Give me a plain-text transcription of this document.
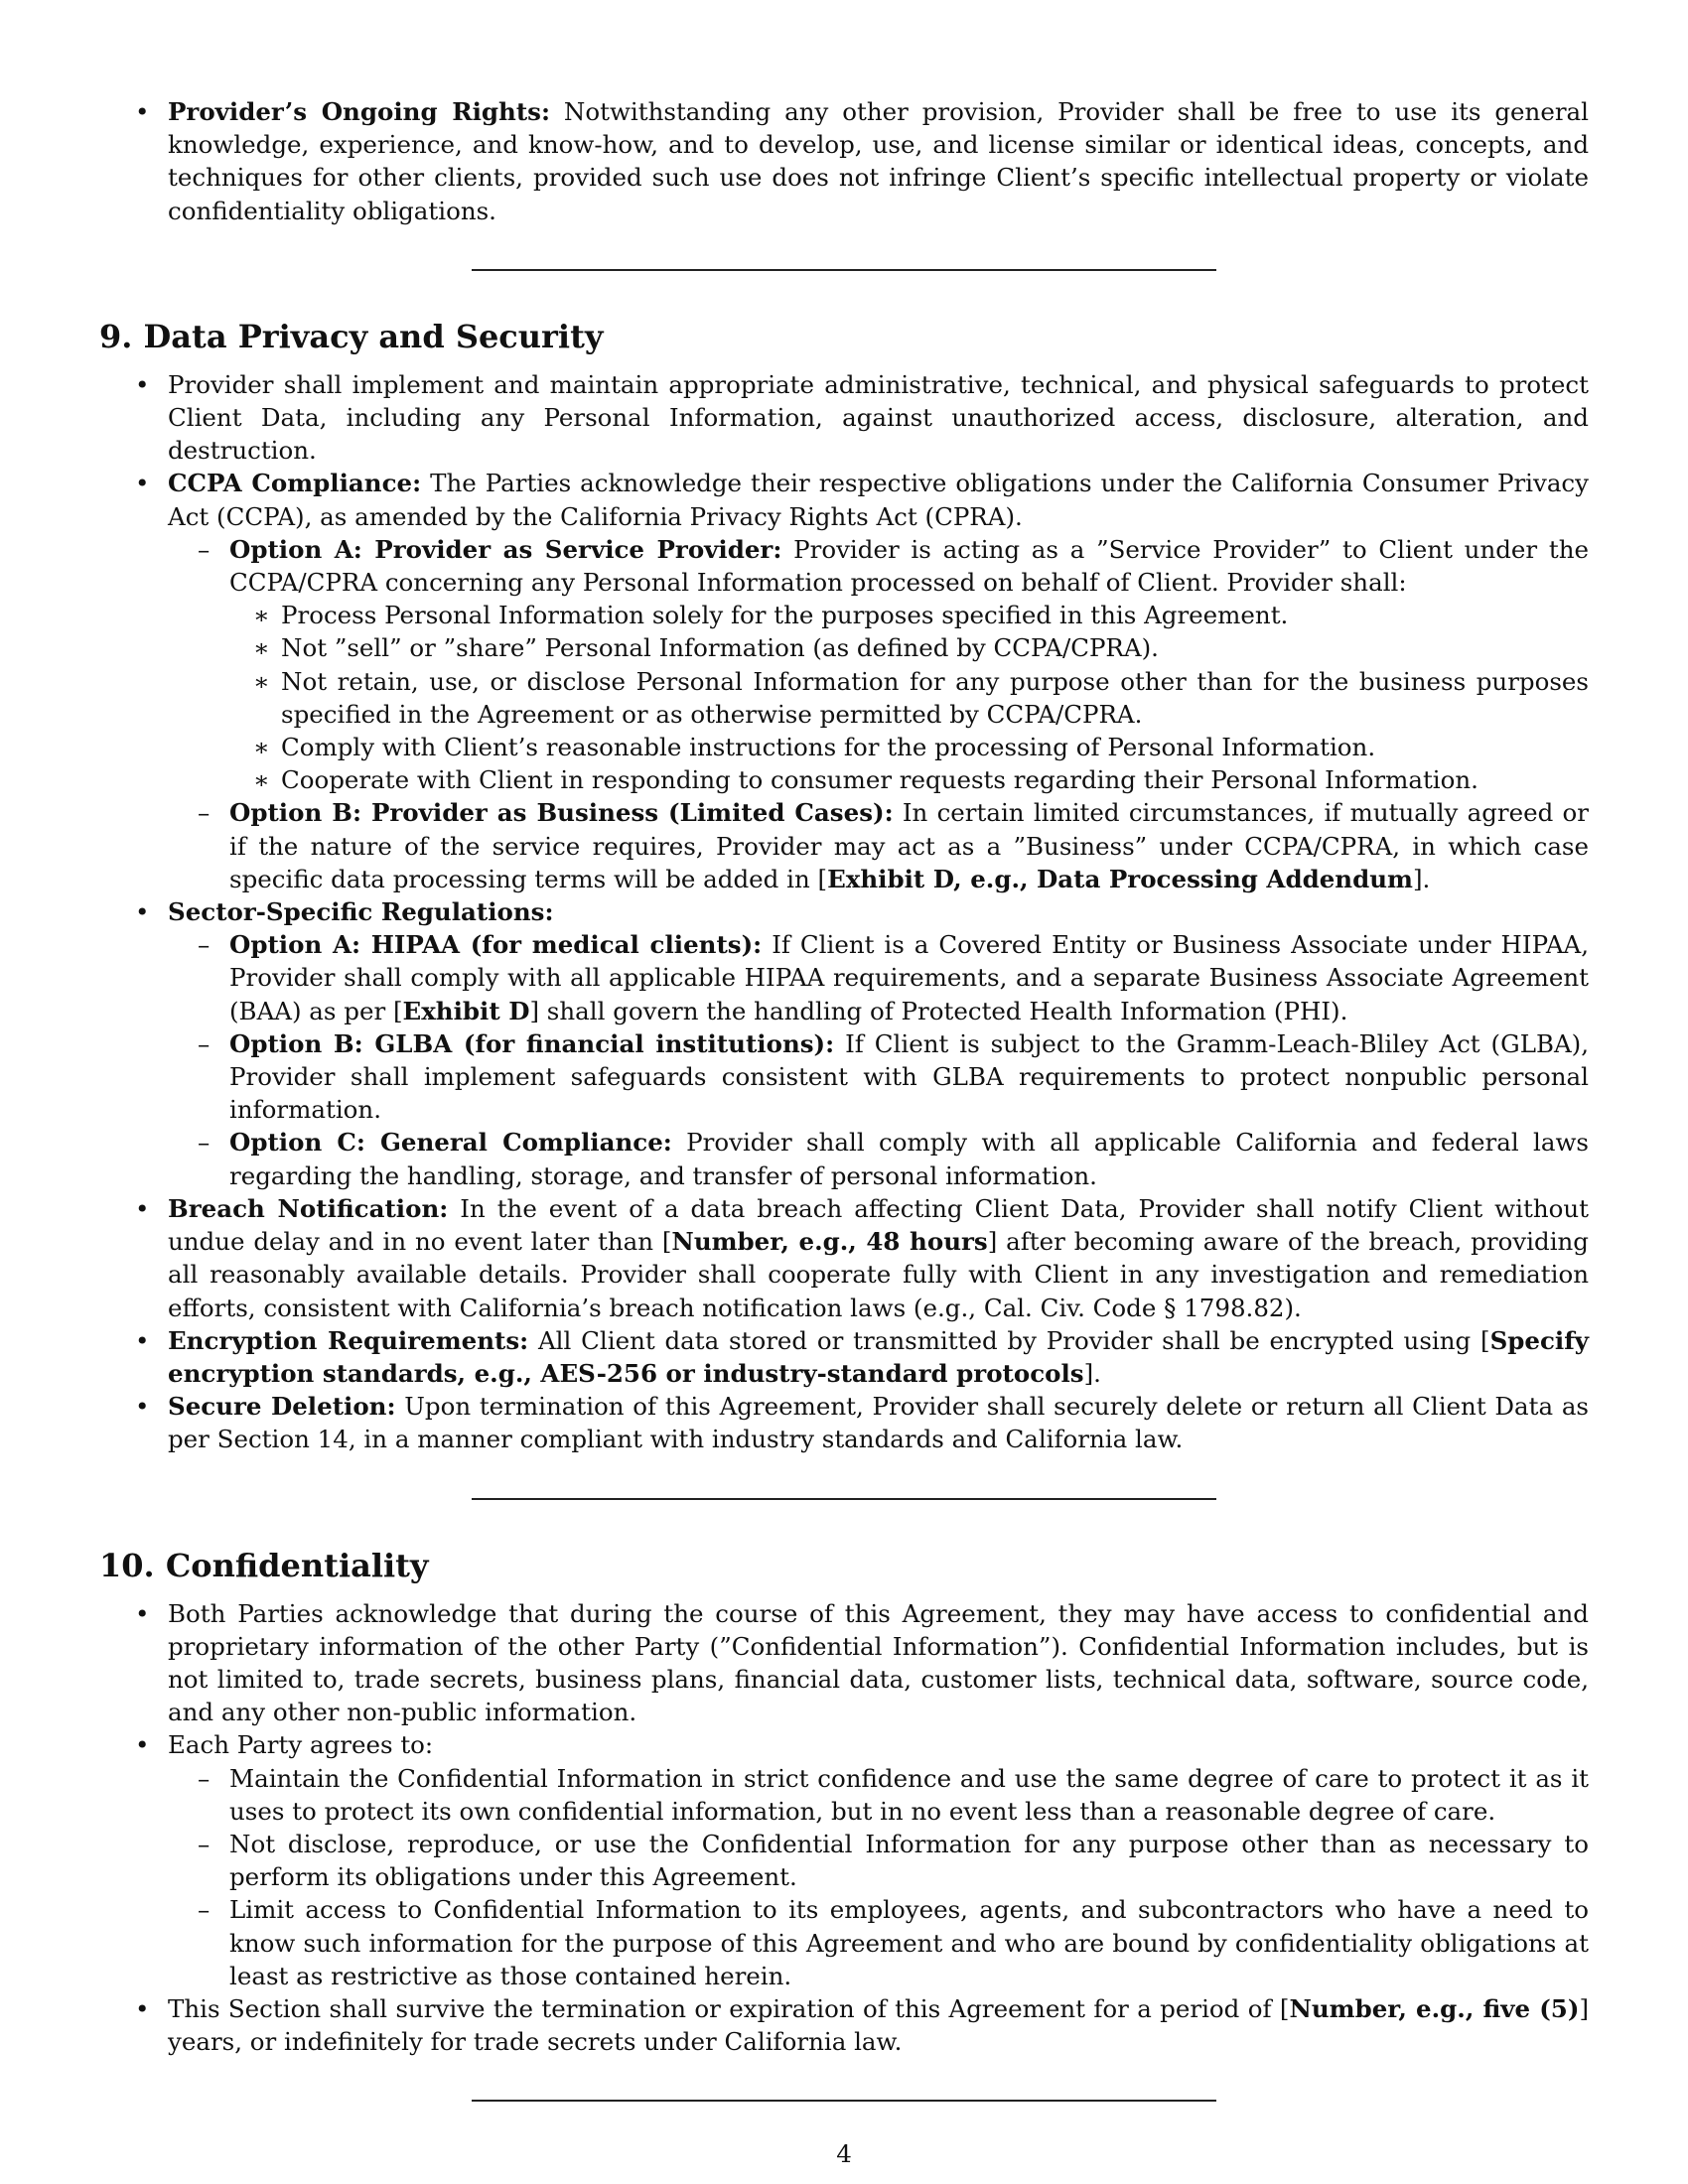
• Provider’s Ongoing Rights: Notwithstanding any other provision, Provider shall be free to use its general knowledge, experience, and know-how, and to develop, use, and license similar or identical ideas, concepts, and techniques for other clients, provided such use does not infringe Client’s specific intellectual property or violate confidentiality obligations.
9. Data Privacy and Security
• Provider shall implement and maintain appropriate administrative, technical, and physical safeguards to protect Client Data, including any Personal Information, against unauthorized access, disclosure, alteration, and destruction.
• CCPA Compliance: The Parties acknowledge their respective obligations under the California Consumer Privacy Act (CCPA), as amended by the California Privacy Rights Act (CPRA).
– Option A: Provider as Service Provider: Provider is acting as a ”Service Provider” to Client under the CCPA/CPRA concerning any Personal Information processed on behalf of Client. Provider shall:
∗ Process Personal Information solely for the purposes specified in this Agreement.
∗ Not ”sell” or ”share” Personal Information (as defined by CCPA/CPRA).
∗ Not retain, use, or disclose Personal Information for any purpose other than for the business purposes specified in the Agreement or as otherwise permitted by CCPA/CPRA.
∗ Comply with Client’s reasonable instructions for the processing of Personal Information.
∗ Cooperate with Client in responding to consumer requests regarding their Personal Information.
– Option B: Provider as Business (Limited Cases): In certain limited circumstances, if mutually agreed or if the nature of the service requires, Provider may act as a ”Business” under CCPA/CPRA, in which case specific data processing terms will be added in [Exhibit D, e.g., Data Processing Addendum].
• Sector-Specific Regulations:
– Option A: HIPAA (for medical clients): If Client is a Covered Entity or Business Associate under HIPAA, Provider shall comply with all applicable HIPAA requirements, and a separate Business Associate Agreement (BAA) as per [Exhibit D] shall govern the handling of Protected Health Information (PHI).
– Option B: GLBA (for financial institutions): If Client is subject to the Gramm-Leach-Bliley Act (GLBA), Provider shall implement safeguards consistent with GLBA requirements to protect nonpublic personal information.
– Option C: General Compliance: Provider shall comply with all applicable California and federal laws regarding the handling, storage, and transfer of personal information.
• Breach Notification: In the event of a data breach affecting Client Data, Provider shall notify Client without undue delay and in no event later than [Number, e.g., 48 hours] after becoming aware of the breach, providing all reasonably available details. Provider shall cooperate fully with Client in any investigation and remediation efforts, consistent with California’s breach notification laws (e.g., Cal. Civ. Code § 1798.82).
• Encryption Requirements: All Client data stored or transmitted by Provider shall be encrypted using [Specify encryption standards, e.g., AES-256 or industry-standard protocols].
• Secure Deletion: Upon termination of this Agreement, Provider shall securely delete or return all Client Data as per Section 14, in a manner compliant with industry standards and California law.
10. Confidentiality
• Both Parties acknowledge that during the course of this Agreement, they may have access to confidential and proprietary information of the other Party (”Confidential Information”). Confidential Information includes, but is not limited to, trade secrets, business plans, financial data, customer lists, technical data, software, source code, and any other non-public information.
• Each Party agrees to:
– Maintain the Confidential Information in strict confidence and use the same degree of care to protect it as it uses to protect its own confidential information, but in no event less than a reasonable degree of care.
– Not disclose, reproduce, or use the Confidential Information for any purpose other than as necessary to perform its obligations under this Agreement.
– Limit access to Confidential Information to its employees, agents, and subcontractors who have a need to know such information for the purpose of this Agreement and who are bound by confidentiality obligations at least as restrictive as those contained herein.
• This Section shall survive the termination or expiration of this Agreement for a period of [Number, e.g., five (5)] years, or indefinitely for trade secrets under California law.
4
